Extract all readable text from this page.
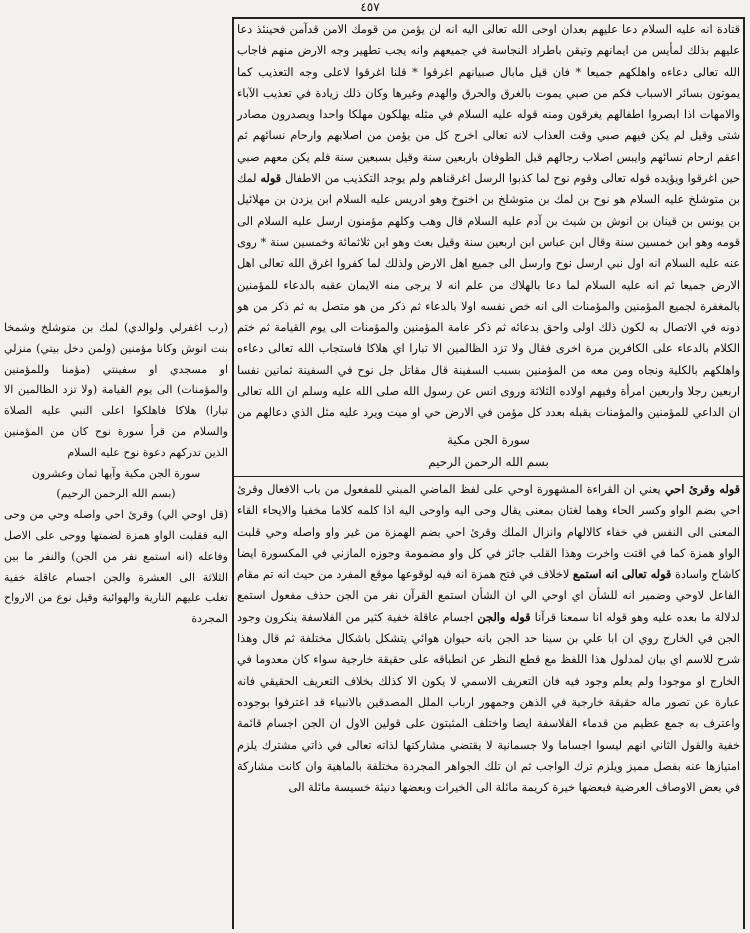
٤٥٧
قتادة انه عليه السلام دعا عليهم بعدان اوحى الله تعالى اليه انه لن يؤمن من قومك الامن قدآمن فحينئذ دعا عليهم بذلك لمأيس من ايمانهم وتيقن باطراد النجاسة في جميعهم وانه يجب تطهير وجه الارض منهم فاجاب الله تعالى دعاءه واهلكهم جميعا * فان قيل مابال صبيانهم اغرقوا * قلنا اغرقوا لاعلى وجه التعذيب كما يموتون بسائر الاسباب فكم من صبي يموت بالغرق والحرق والهدم وغيرها وكان ذلك زيادة في تعذيب الآباء والامهات اذا ابصروا اطفالهم يغرقون ومنه قوله عليه السلام في مثله يهلكون مهلكا واحدا ويصدرون مصادر شتى وقيل لم يكن فيهم صبي وقت العذاب لانه تعالى اخرج كل من يؤمن من اصلابهم وارحام نسائهم ثم اعقم ارحام نسائهم وايبس اصلاب رجالهم قبل الطوفان باربعين سنة وقيل بسبعين سنة فلم يكن معهم صبي حين اغرقوا ويؤيده قوله تعالى وقوم نوح لما كذبوا الرسل اغرقناهم ولم يوجد التكذيب من الاطفال قوله لمك بن متوشلخ عليه السلام هو نوح بن لمك بن متوشلخ بن اخنوخ وهو ادريس عليه السلام ابن يزدن بن مهلائيل بن يونس بن قينان بن انوش بن شيث بن آدم عليه السلام قال وهب وكلهم مؤمنون ارسل عليه السلام الى قومه وهو ابن خمسين سنة وقال ابن عباس ابن اربعين سنة وقيل بعث وهو ابن ثلاثمائة وخمسين سنة * روى عنه عليه السلام انه اول نبي ارسل نوح وارسل الى جميع اهل الارض ولذلك لما كفروا اغرق الله تعالى اهل الارض جميعا ثم انه عليه السلام لما دعا بالهلاك من علم انه لا يرجى منه الايمان عقبه بالدعاء للمؤمنين بالمغفرة لجميع المؤمنين والمؤمنات الى انه خص نفسه اولا بالدعاء ثم ذكر من هو متصل به ثم ذكر من هو دونه في الاتصال به لكون ذلك اولى واحق بدعائه ثم ذكر عامة المؤمنين والمؤمنات الى يوم القيامة ثم ختم الكلام بالدعاء على الكافرين مرة اخرى فقال ولا تزد الظالمين الا تبارا اي هلاكا فاستجاب الله تعالى دعاءه واهلكهم بالكلية ونجاه ومن معه من المؤمنين بسبب السفينة قال مقاتل جل نوح في السفينة ثمانين نفسا اربعين رجلا واربعين امرأة وفيهم اولاده الثلاثة وروى انس عن رسول الله صلى الله عليه وسلم ان الله تعالى ان الداعي للمؤمنين والمؤمنات يقبله بعدد كل مؤمن في الارض حي او ميت ويرد عليه مثل الذي دعالهم من
سورة الجن مكية
بسم الله الرحمن الرحيم
قوله وقرئ احي يعني ان القراءة المشهورة اوحي على لفظ الماضي المبني للمفعول من باب الافعال وقرئ احي بضم الواو وكسر الحاء وهما لغتان بمعنى يقال وحى اليه واوحى اليه اذا كلمه كلاما مخفيا والايحاء القاء المعنى الى النفس في خفاء كالالهام وانزال الملك وقرئ احي بضم الهمزة من غير واو واصله وحي قلبت الواو همزة كما في اقتت واخرت وهذا القلب جائز في كل واو مضمومة وجوزه المازني في المكسورة ايضا كاشاح واسادة قوله تعالى انه استمع لاخلاف في فتح همزة انه فيه لوقوعها موقع المفرد من حيث انه تم مقام الفاعل لاوحي وضمير انه للشأن اي اوحي الي ان الشأن استمع القرآن نفر من الجن حذف مفعول استمع لدلالة ما بعده عليه وهو قوله انا سمعنا قرآنا قوله والجن اجسام عاقلة خفية كثير من الفلاسفة ينكرون وجود الجن في الخارج روي ان ابا علي بن سينا حد الجن بانه حيوان هوائي يتشكل باشكال مختلفة ثم قال وهذا شرح للاسم اي بيان لمدلول هذا اللفظ مع قطع النظر عن انطباقه على حقيقة خارجية سواء كان معدوما في الخارج او موجودا ولم يعلم وجود فيه فان التعريف الاسمي لا يكون الا كذلك بخلاف التعريف الحقيقي فانه عبارة عن تصور ماله حقيقة خارجية في الذهن وجمهور ارباب الملل المصدقين بالانبياء قد اعترفوا بوجوده واعترف به جمع عظيم من قدماء الفلاسفة ايضا واختلف المثبتون على قولين الاول ان الجن اجسام قائمة خفية والقول الثاني انهم ليسوا اجساما ولا جسمانية لا يقتضي مشاركتها لذاته تعالى في ذاتي مشترك يلزم امتيازها عنه بفصل مميز ويلزم ترك الواجب ثم ان تلك الجواهر المجردة مختلفة بالماهية وان كانت مشاركة في بعض الاوصاف العرضية فبعضها خيرة كريمة مائلة الى الخيرات وبعضها دنيئة خسيسة مائلة الى
(رب اغفرلي ولوالدي) لمك بن متوشلخ وشمخا بنت انوش وكانا مؤمنين (ولمن دخل بيتي) منزلي او مسجدي او سفينتي (مؤمنا وللمؤمنين والمؤمنات) الى يوم القيامة (ولا تزد الظالمين الا تبارا) هلاكا فاهلكوا اعلى النبي عليه الصلاة والسلام من قرأ سورة نوح كان من المؤمنين الذين تدركهم دعوة نوح عليه السلام
سورة الجن مكية وآيها ثمان وعشرون
(بسم الله الرحمن الرحيم)
(قل اوحي الي) وقرئ احي واصله وحي من وحى اليه فقلبت الواو همزة لضمتها ووحى على الاصل وفاعله (انه استمع نفر من الجن) والنفر ما بين الثلاثة الى العشرة والجن اجسام عاقلة خفية تغلب عليهم النارية والهوائية وقيل نوع من الارواح المجردة
